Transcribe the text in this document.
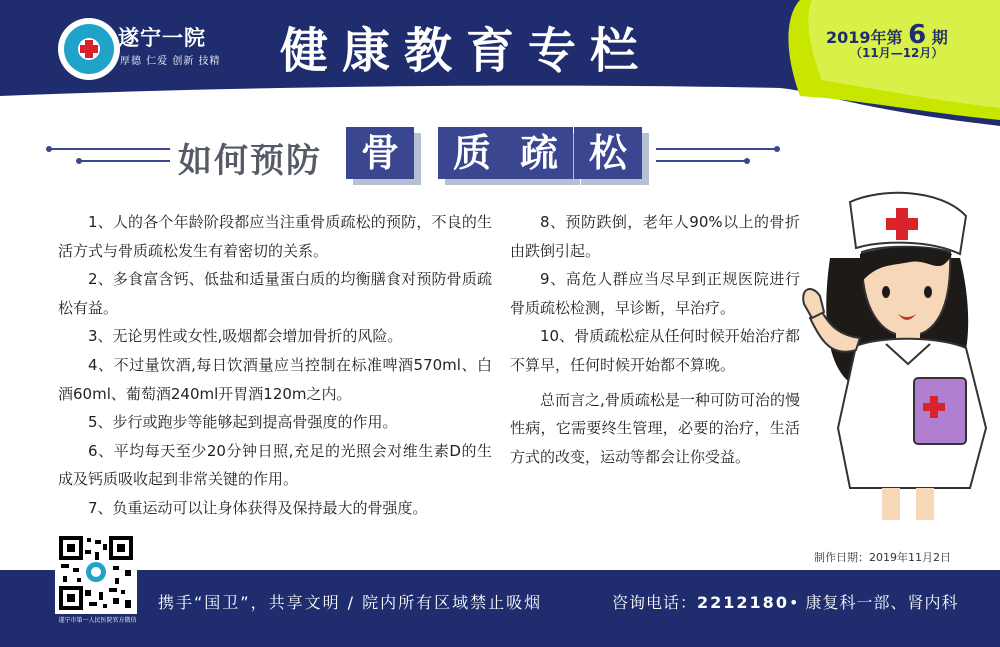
遂宁一院
厚德 仁爱 创新 技精 健康教育专栏	2019年第 6 期
（11月—12月）
如何预防	骨	质 疏 松

1、人的各个年龄阶段都应当注重骨质疏松的预防，不良的生活方式与骨质疏松发生有着密切的关系。

2、多食富含钙、低盐和适量蛋白质的均衡膳食对预防骨质疏松有益。

3、无论男性或女性,吸烟都会增加骨折的风险。

4、不过量饮酒,每日饮酒量应当控制在标准啤酒570ml、白酒60ml、葡萄酒240ml开胃酒120m之内。

5、步行或跑步等能够起到提高骨强度的作用。

6、平均每天至少20分钟日照,充足的光照会对维生素D的生成及钙质吸收起到非常关键的作用。

7、负重运动可以让身体获得及保持最大的骨强度。

8、预防跌倒，老年人90%以上的骨折由跌倒引起。

9、高危人群应当尽早到正规医院进行骨质疏松检测，早诊断，早治疗。

10、骨质疏松症从任何时候开始治疗都不算早，任何时候开始都不算晚。

总而言之,骨质疏松是一种可防可治的慢性病，它需要终生管理，必要的治疗，生活方式的改变，运动等都会让你受益。

制作日期：2019年11月2日
携手“国卫”，共享文明 / 院内所有区域禁止吸烟	咨询电话：2212180• 康复科一部、肾内科
遂宁市第一人民医院官方微信
